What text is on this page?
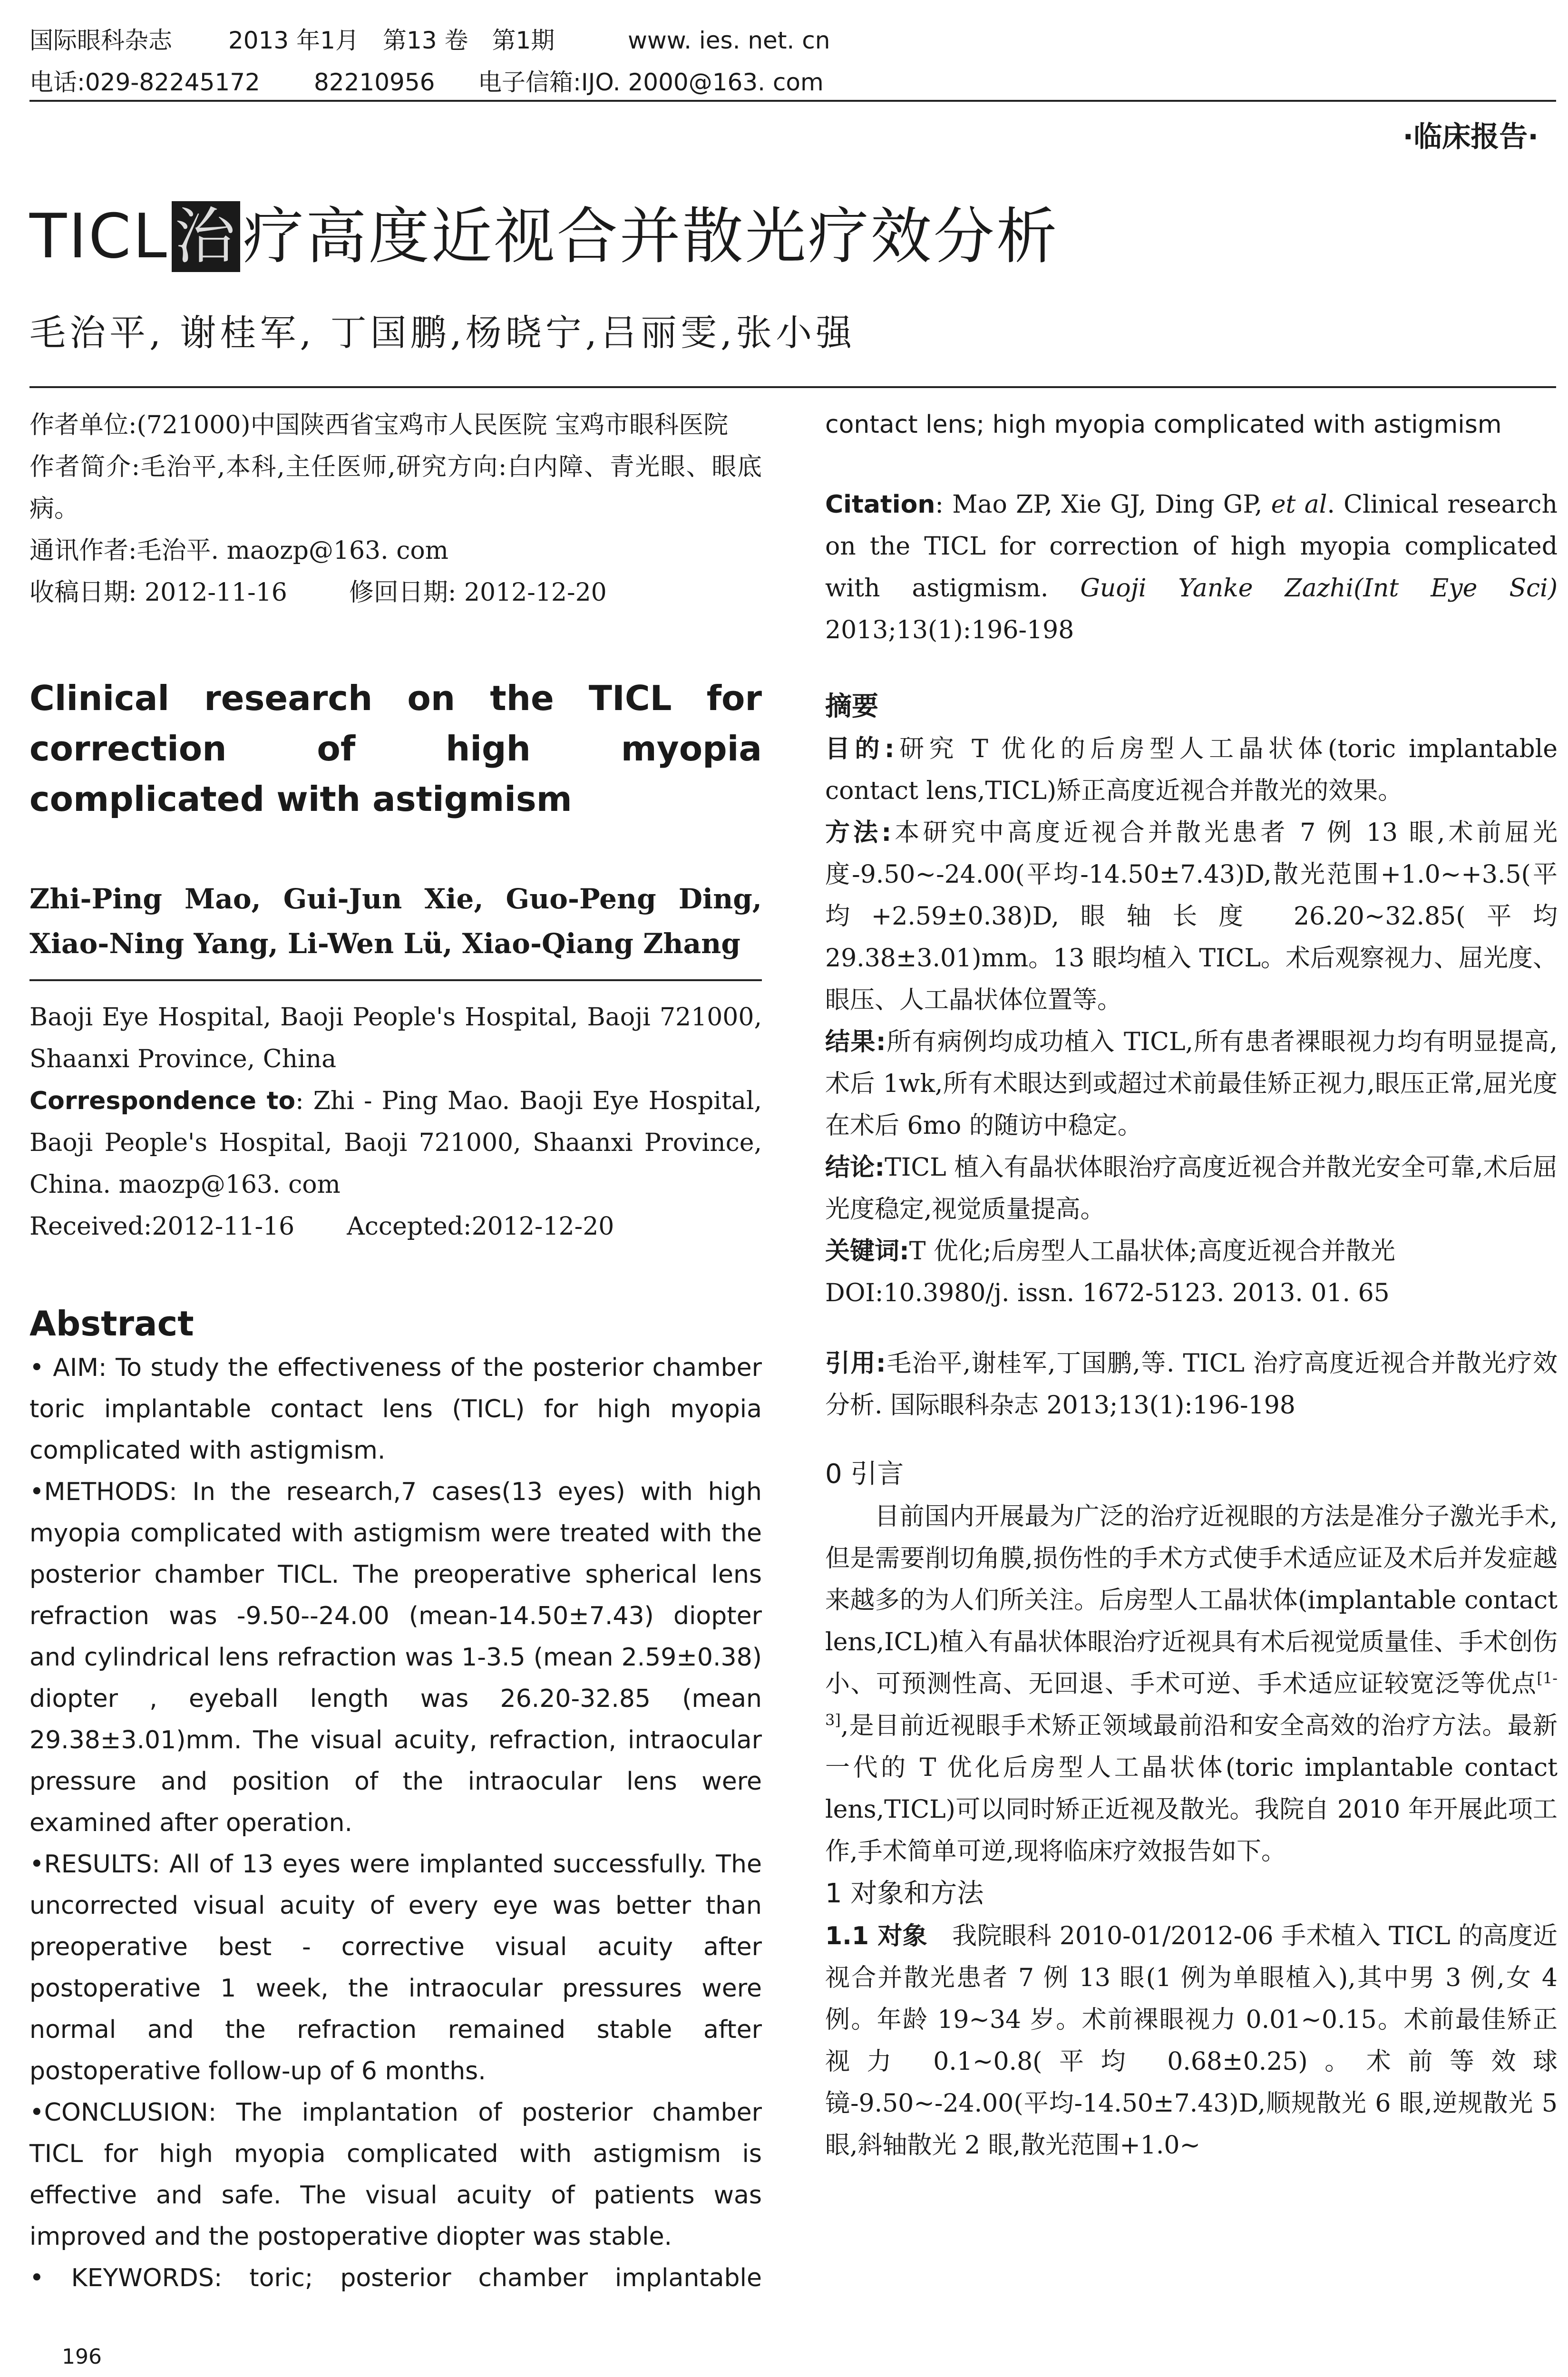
国际眼科杂志 2013 年1月　第13 卷　第1期	www. ies. net. cn
电话:029-82245172 82210956 电子信箱:IJO. 2000@163. com
·临床报告·
TICL治疗高度近视合并散光疗效分析
毛治平, 谢桂军, 丁国鹏,杨晓宁,吕丽雯,张小强

作者单位:(721000)中国陕西省宝鸡市人民医院 宝鸡市眼科医院

作者简介:毛治平,本科,主任医师,研究方向:白内障、青光眼、眼底病。

通讯作者:毛治平. maozp@163. com

收稿日期: 2012-11-16	修回日期: 2012-12-20

Clinical research on the TICL for correction of high myopia complicated with astigmism

Zhi-Ping Mao, Gui-Jun Xie, Guo-Peng Ding, Xiao-Ning Yang, Li-Wen Lü, Xiao-Qiang Zhang

Baoji Eye Hospital, Baoji People's Hospital, Baoji 721000, Shaanxi Province, China

Correspondence to: Zhi - Ping Mao. Baoji Eye Hospital, Baoji People's Hospital, Baoji 721000, Shaanxi Province, China. maozp@163. com

Received:2012-11-16 Accepted:2012-12-20

Abstract

• AIM: To study the effectiveness of the posterior chamber toric implantable contact lens (TICL) for high myopia complicated with astigmism.

•METHODS: In the research,7 cases(13 eyes) with high myopia complicated with astigmism were treated with the posterior chamber TICL. The preoperative spherical lens refraction was -9.50--24.00 (mean-14.50±7.43) diopter and cylindrical lens refraction was 1-3.5 (mean 2.59±0.38) diopter , eyeball length was 26.20-32.85 (mean 29.38±3.01)mm. The visual acuity, refraction, intraocular pressure and position of the intraocular lens were examined after operation.

•RESULTS: All of 13 eyes were implanted successfully. The uncorrected visual acuity of every eye was better than preoperative best - corrective visual acuity after postoperative 1 week, the intraocular pressures were normal and the refraction remained stable after postoperative follow-up of 6 months.

•CONCLUSION: The implantation of posterior chamber TICL for high myopia complicated with astigmism is effective and safe. The visual acuity of patients was improved and the postoperative diopter was stable.

• KEYWORDS: toric; posterior chamber implantable

196

contact lens; high myopia complicated with astigmism

Citation: Mao ZP, Xie GJ, Ding GP, et al. Clinical research on the TICL for correction of high myopia complicated with astigmism. Guoji Yanke Zazhi(Int Eye Sci) 2013;13(1):196-198

摘要

目的:研究 T 优化的后房型人工晶状体(toric implantable contact lens,TICL)矫正高度近视合并散光的效果。

方法:本研究中高度近视合并散光患者 7 例 13 眼,术前屈光度-9.50~-24.00(平均-14.50±7.43)D,散光范围+1.0~+3.5(平均+2.59±0.38)D,眼轴长度 26.20~32.85(平均 29.38±3.01)mm。13 眼均植入 TICL。术后观察视力、屈光度、眼压、人工晶状体位置等。

结果:所有病例均成功植入 TICL,所有患者裸眼视力均有明显提高,术后 1wk,所有术眼达到或超过术前最佳矫正视力,眼压正常,屈光度在术后 6mo 的随访中稳定。

结论:TICL 植入有晶状体眼治疗高度近视合并散光安全可靠,术后屈光度稳定,视觉质量提高。

关键词:T 优化;后房型人工晶状体;高度近视合并散光

DOI:10.3980/j. issn. 1672-5123. 2013. 01. 65

引用:毛治平,谢桂军,丁国鹏,等. TICL 治疗高度近视合并散光疗效分析. 国际眼科杂志 2013;13(1):196-198

0 引言

目前国内开展最为广泛的治疗近视眼的方法是准分子激光手术,但是需要削切角膜,损伤性的手术方式使手术适应证及术后并发症越来越多的为人们所关注。后房型人工晶状体(implantable contact lens,ICL)植入有晶状体眼治疗近视具有术后视觉质量佳、手术创伤小、可预测性高、无回退、手术可逆、手术适应证较宽泛等优点[1-3],是目前近视眼手术矫正领域最前沿和安全高效的治疗方法。最新一代的 T 优化后房型人工晶状体(toric implantable contact lens,TICL)可以同时矫正近视及散光。我院自 2010 年开展此项工作,手术简单可逆,现将临床疗效报告如下。

1 对象和方法

1.1 对象　我院眼科 2010-01/2012-06 手术植入 TICL 的高度近视合并散光患者 7 例 13 眼(1 例为单眼植入),其中男 3 例,女 4 例。年龄 19~34 岁。术前裸眼视力 0.01~0.15。术前最佳矫正视力 0.1~0.8(平均 0.68±0.25)。术前等效球镜-9.50~-24.00(平均-14.50±7.43)D,顺规散光 6 眼,逆规散光 5 眼,斜轴散光 2 眼,散光范围+1.0~
